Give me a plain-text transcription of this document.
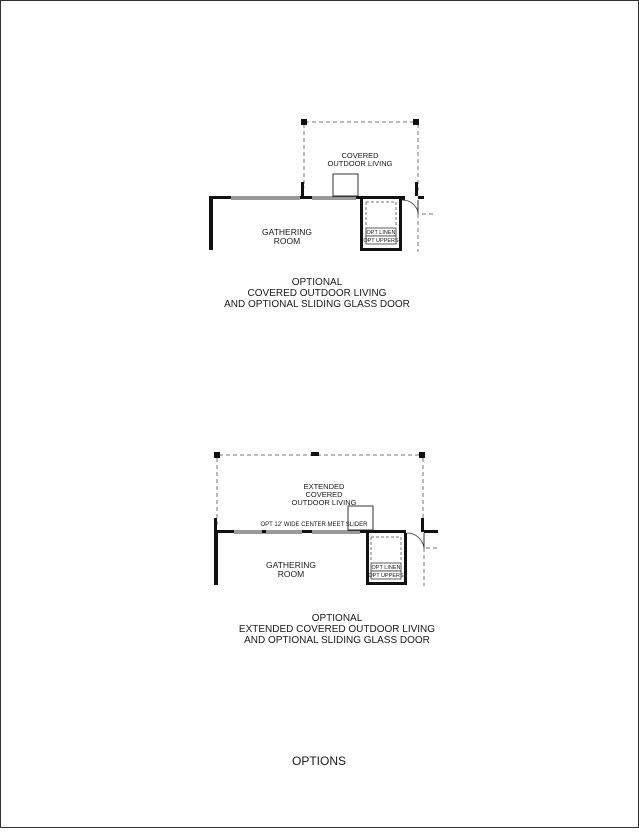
OPT LINEN
OPT UPPERS
COVERED
OUTDOOR LIVING
GATHERING
ROOM
OPTIONAL
COVERED OUTDOOR LIVING
AND OPTIONAL SLIDING GLASS DOOR
OPT LINEN
OPT UPPERS
EXTENDED
COVERED
OUTDOOR LIVING
OPT 12' WIDE CENTER MEET SLIDER
GATHERING
ROOM
OPTIONAL
EXTENDED COVERED OUTDOOR LIVING
AND OPTIONAL SLIDING GLASS DOOR
OPTIONS
